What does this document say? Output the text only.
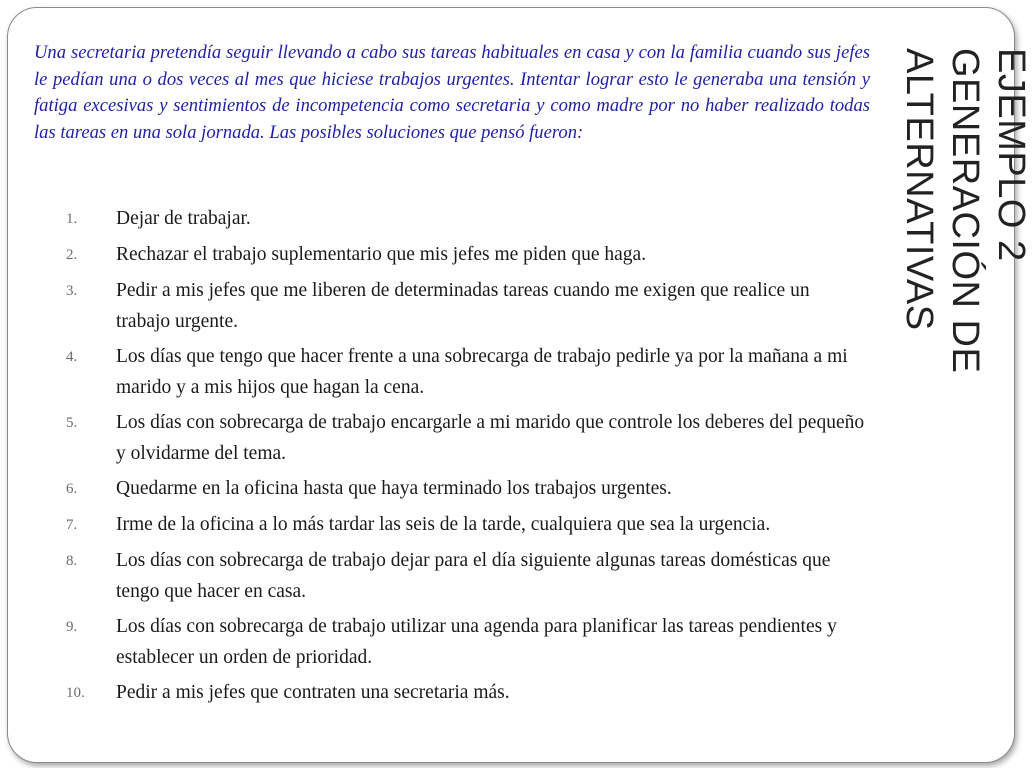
Una secretaria pretendía seguir llevando a cabo sus tareas habituales en casa y con la familia cuando sus jefes le pedían una o dos veces al mes que hiciese trabajos urgentes. Intentar lograr esto le generaba una tensión y fatiga excesivas y sentimientos de incompetencia como secretaria y como madre por no haber realizado todas las tareas en una sola jornada. Las posibles soluciones que pensó fueron:	EJEMPLO 2
GENERACIÓN DE ALTERNATIVAS
1.	Dejar de trabajar.
2.	Rechazar el trabajo suplementario que mis jefes me piden que haga.
3.	Pedir a mis jefes que me liberen de determinadas tareas cuando me exigen que realice un trabajo urgente.
4.	Los días que tengo que hacer frente a una sobrecarga de trabajo pedirle ya por la mañana a mi marido y a mis hijos que hagan la cena.
5.	Los días con sobrecarga de trabajo encargarle a mi marido que controle los deberes del pequeño y olvidarme del tema.
6.	Quedarme en la oficina hasta que haya terminado los trabajos urgentes.
7.	Irme de la oficina a lo más tardar las seis de la tarde, cualquiera que sea la urgencia.
8.	Los días con sobrecarga de trabajo dejar para el día siguiente algunas tareas domésticas que tengo que hacer en casa.
9.	Los días con sobrecarga de trabajo utilizar una agenda para planificar las tareas pendientes y establecer un orden de prioridad.
10.	Pedir a mis jefes que contraten una secretaria más.
